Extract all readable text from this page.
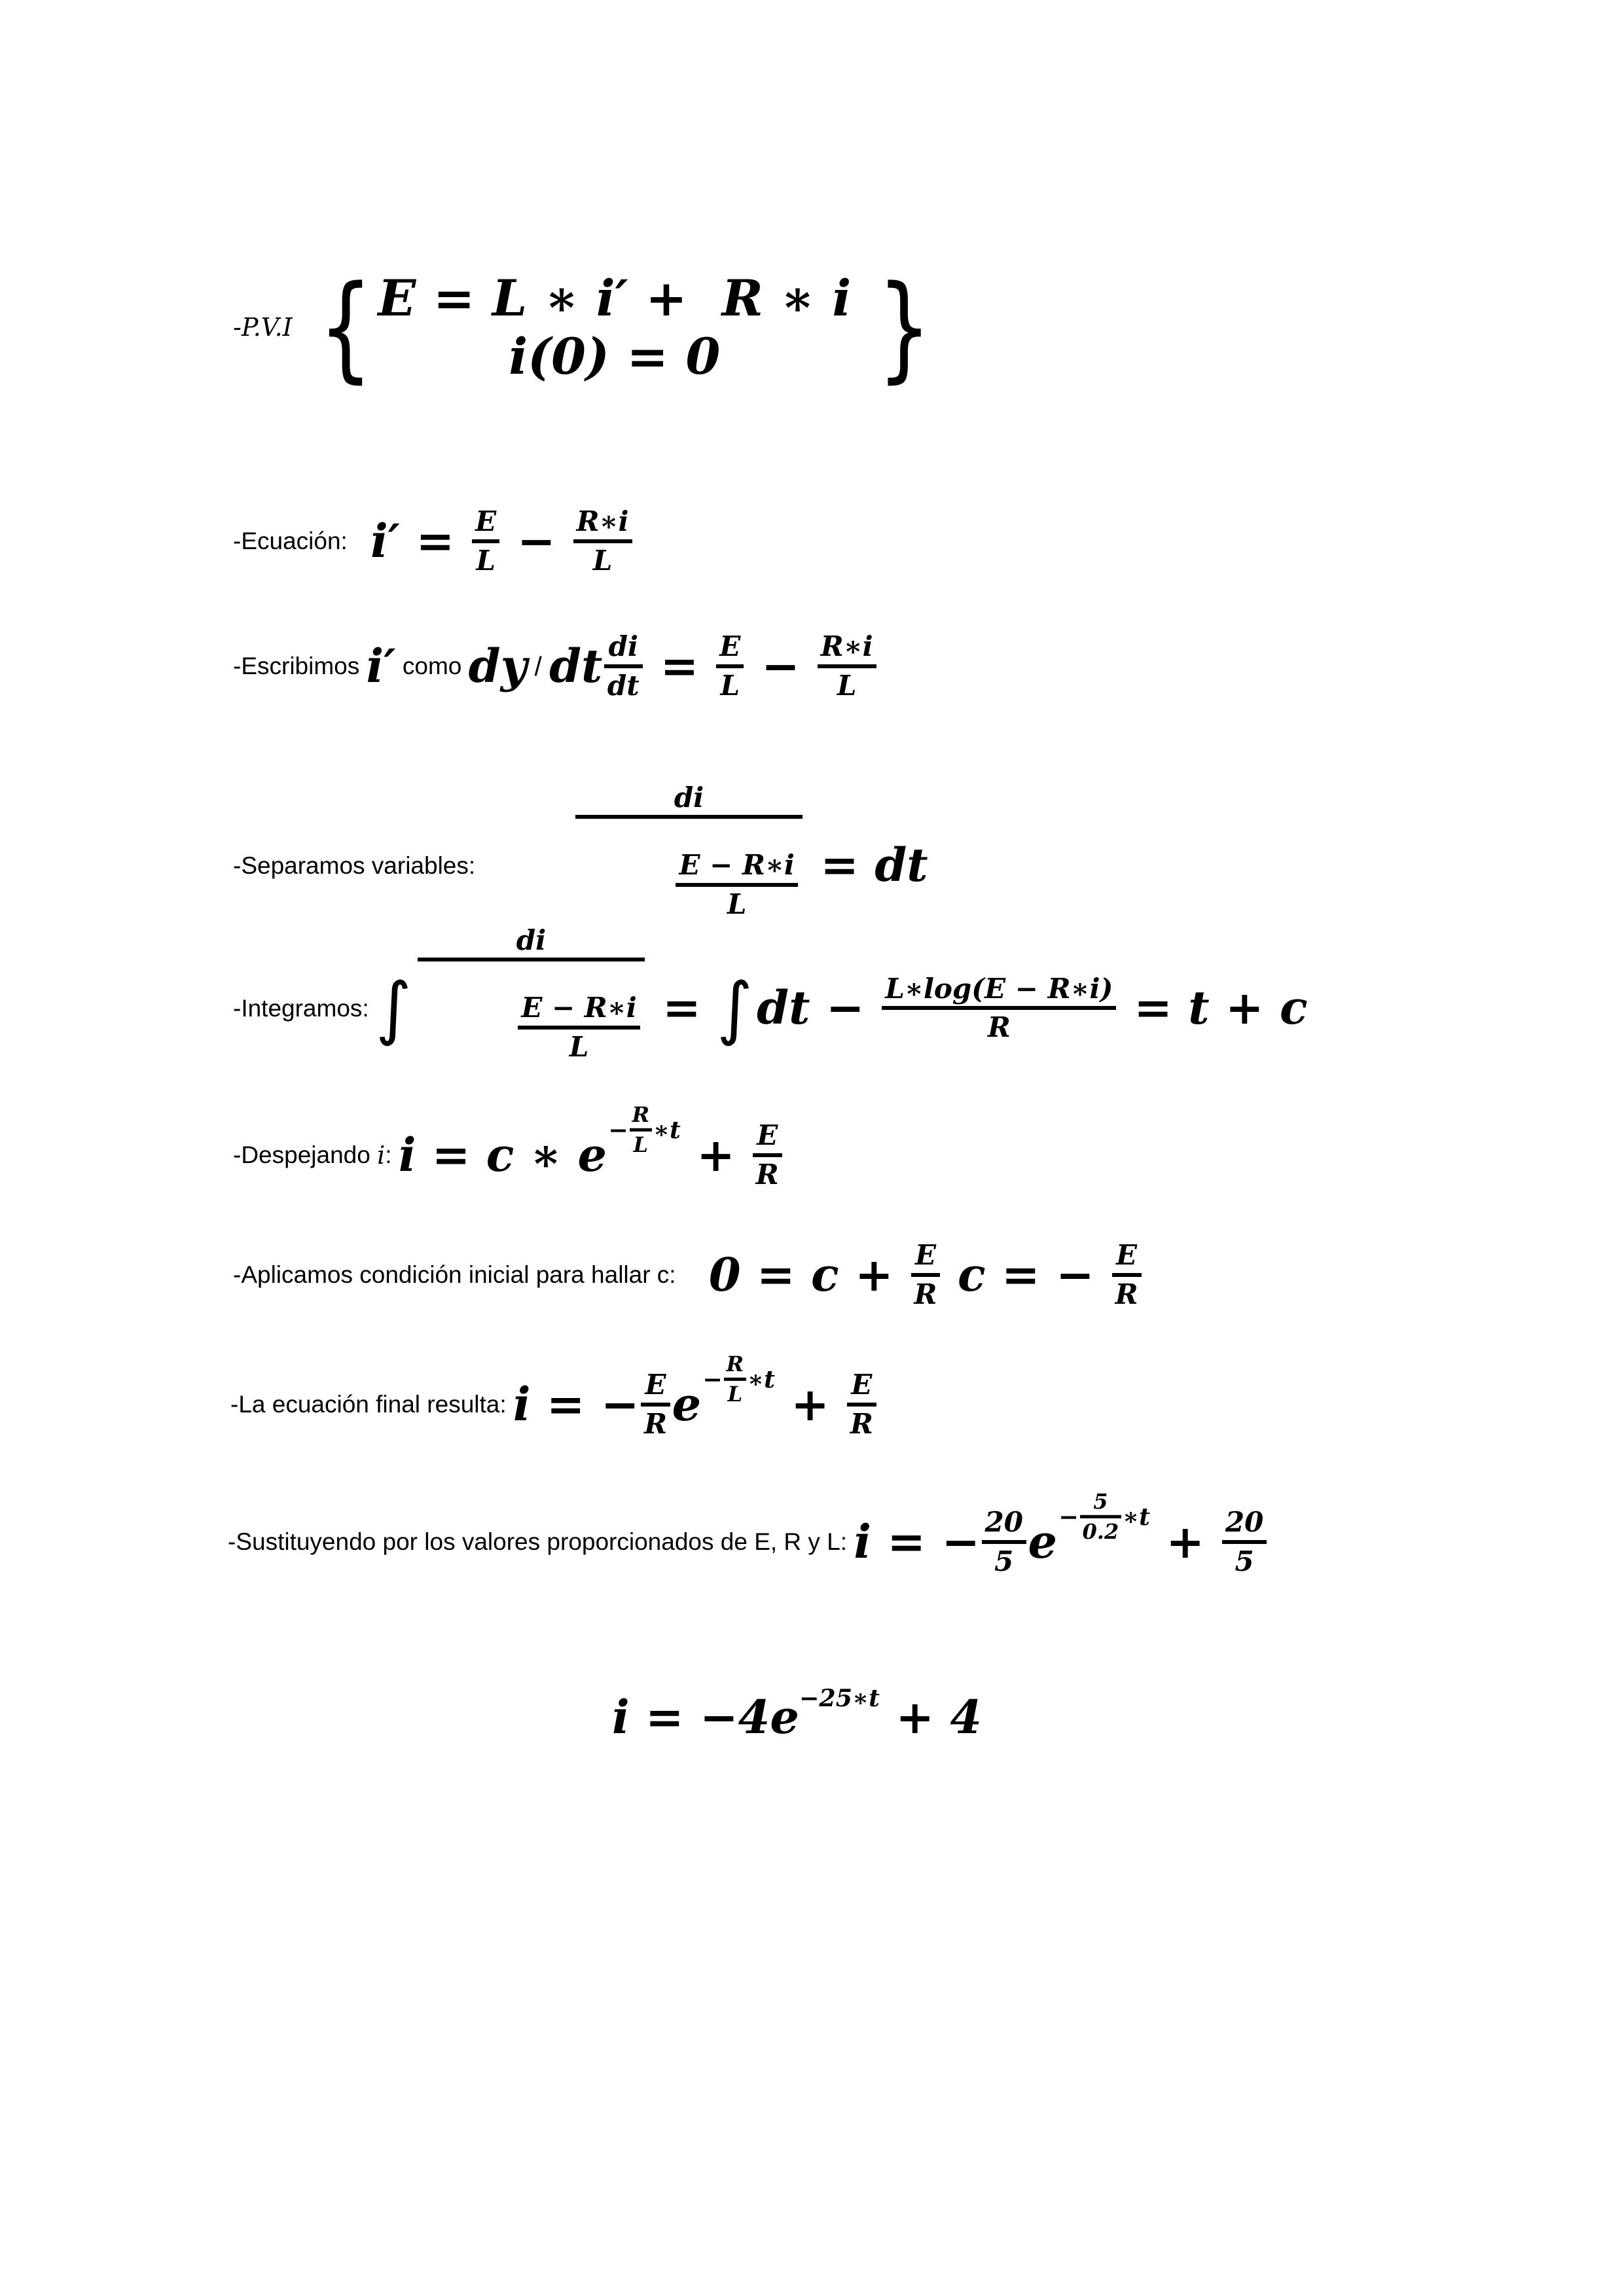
-P.V.I { E = L ∗ i′ +  R ∗ i
i(0) = 0 }
-Ecuación: i′ = E
L − R∗i
L
-Escribimos i′ como dy / dt di
dt = E
L − R∗i
L
-Separamos variables:
di

E − R∗i
L

= dt
-Integramos: ∫
di

E − R∗i
L

= ∫ dt − L∗log(E − R∗i)
R = t + c
-Despejando i : i = c ∗ e −
R
L
∗t + E
R
-Aplicamos condición inicial para hallar c: 0 = c + E
R c = − E
R
-La ecuación final resulta: i = − E
R e −
R
L
∗t + E
R
-Sustituyendo por los valores proporcionados de E, R y L: i = − 20
5 e −
5
0.2
∗t + 20
5
i = −4e −25∗t + 4
